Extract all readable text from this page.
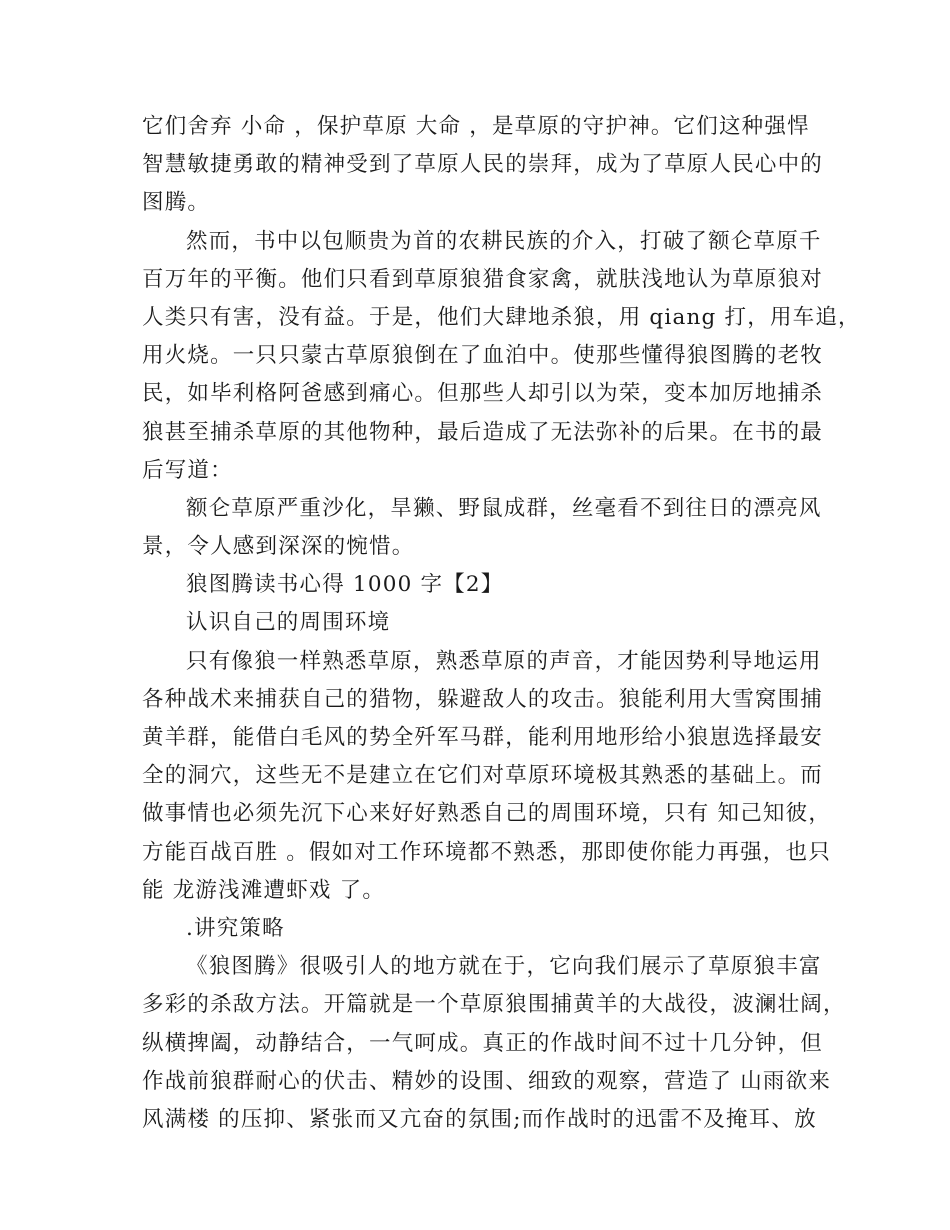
它们舍弃 小命 ，保护草原 大命 ，是草原的守护神。它们这种强悍
智慧敏捷勇敢的精神受到了草原人民的崇拜，成为了草原人民心中的
图腾。
然而，书中以包顺贵为首的农耕民族的介入，打破了额仑草原千
百万年的平衡。他们只看到草原狼猎食家禽，就肤浅地认为草原狼对
人类只有害，没有益。于是，他们大肆地杀狼，用 qiang 打，用车追，
用火烧。一只只蒙古草原狼倒在了血泊中。使那些懂得狼图腾的老牧
民，如毕利格阿爸感到痛心。但那些人却引以为荣，变本加厉地捕杀
狼甚至捕杀草原的其他物种，最后造成了无法弥补的后果。在书的最
后写道：
额仑草原严重沙化，旱獭、野鼠成群，丝毫看不到往日的漂亮风
景，令人感到深深的惋惜。
狼图腾读书心得 1000 字【2】
认识自己的周围环境
只有像狼一样熟悉草原，熟悉草原的声音，才能因势利导地运用
各种战术来捕获自己的猎物，躲避敌人的攻击。狼能利用大雪窝围捕
黄羊群，能借白毛风的势全歼军马群，能利用地形给小狼崽选择最安
全的洞穴，这些无不是建立在它们对草原环境极其熟悉的基础上。而
做事情也必须先沉下心来好好熟悉自己的周围环境，只有 知己知彼，
方能百战百胜 。假如对工作环境都不熟悉，那即使你能力再强，也只
能 龙游浅滩遭虾戏 了。
.讲究策略
《狼图腾》很吸引人的地方就在于，它向我们展示了草原狼丰富
多彩的杀敌方法。开篇就是一个草原狼围捕黄羊的大战役，波澜壮阔，
纵横捭阖，动静结合，一气呵成。真正的作战时间不过十几分钟，但
作战前狼群耐心的伏击、精妙的设围、细致的观察，营造了 山雨欲来
风满楼 的压抑、紧张而又亢奋的氛围;而作战时的迅雷不及掩耳、放
